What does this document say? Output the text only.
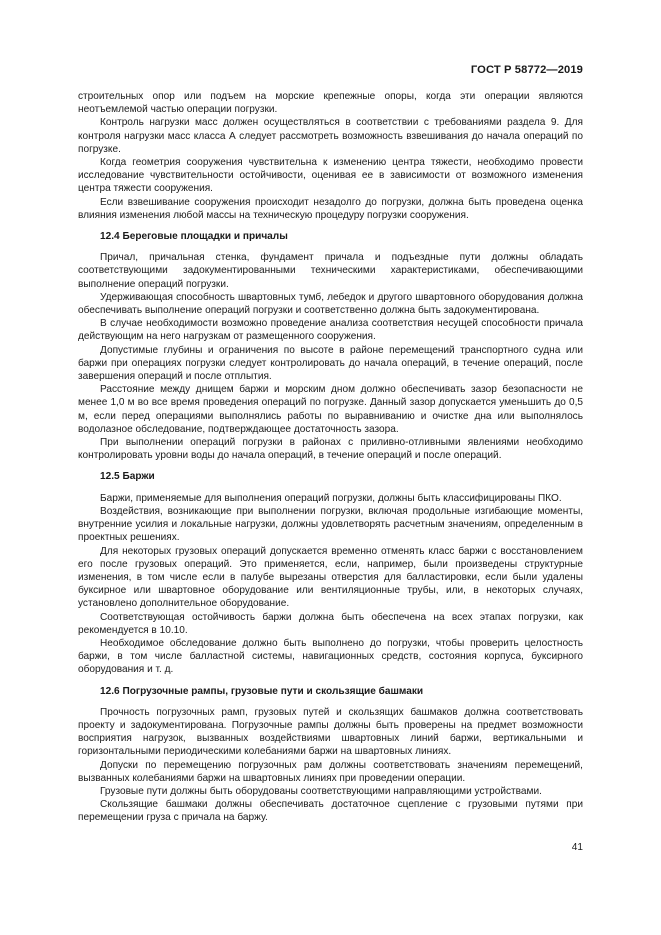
ГОСТ Р 58772—2019

строительных опор или подъем на морские крепежные опоры, когда эти операции являются неотъемлемой частью операции погрузки.

Контроль нагрузки масс должен осуществляться в соответствии с требованиями раздела 9. Для контроля нагрузки масс класса А следует рассмотреть возможность взвешивания до начала операций по погрузке.

Когда геометрия сооружения чувствительна к изменению центра тяжести, необходимо провести исследование чувствительности остойчивости, оценивая ее в зависимости от возможного изменения центра тяжести сооружения.

Если взвешивание сооружения происходит незадолго до погрузки, должна быть проведена оценка влияния изменения любой массы на техническую процедуру погрузки сооружения.

12.4 Береговые площадки и причалы

Причал, причальная стенка, фундамент причала и подъездные пути должны обладать соответствующими задокументированными техническими характеристиками, обеспечивающими выполнение операций погрузки.

Удерживающая способность швартовных тумб, лебедок и другого швартовного оборудования должна обеспечивать выполнение операций погрузки и соответственно должна быть задокументирована.

В случае необходимости возможно проведение анализа соответствия несущей способности причала действующим на него нагрузкам от размещенного сооружения.

Допустимые глубины и ограничения по высоте в районе перемещений транспортного судна или баржи при операциях погрузки следует контролировать до начала операций, в течение операций, после завершения операций и после отплытия.

Расстояние между днищем баржи и морским дном должно обеспечивать зазор безопасности не менее 1,0 м во все время проведения операций по погрузке. Данный зазор допускается уменьшить до 0,5 м, если перед операциями выполнялись работы по выравниванию и очистке дна или выполнялось водолазное обследование, подтверждающее достаточность зазора.

При выполнении операций погрузки в районах с приливно-отливными явлениями необходимо контролировать уровни воды до начала операций, в течение операций и после операций.

12.5 Баржи

Баржи, применяемые для выполнения операций погрузки, должны быть классифицированы ПКО.

Воздействия, возникающие при выполнении погрузки, включая продольные изгибающие моменты, внутренние усилия и локальные нагрузки, должны удовлетворять расчетным значениям, определенным в проектных решениях.

Для некоторых грузовых операций допускается временно отменять класс баржи с восстановлением его после грузовых операций. Это применяется, если, например, были произведены структурные изменения, в том числе если в палубе вырезаны отверстия для балластировки, если были удалены буксирное или швартовное оборудование или вентиляционные трубы, или, в некоторых случаях, установлено дополнительное оборудование.

Соответствующая остойчивость баржи должна быть обеспечена на всех этапах погрузки, как рекомендуется в 10.10.

Необходимое обследование должно быть выполнено до погрузки, чтобы проверить целостность баржи, в том числе балластной системы, навигационных средств, состояния корпуса, буксирного оборудования и т. д.

12.6 Погрузочные рампы, грузовые пути и скользящие башмаки

Прочность погрузочных рамп, грузовых путей и скользящих башмаков должна соответствовать проекту и задокументирована. Погрузочные рампы должны быть проверены на предмет возможности восприятия нагрузок, вызванных воздействиями швартовных линий баржи, вертикальными и горизонтальными периодическими колебаниями баржи на швартовных линиях.

Допуски по перемещению погрузочных рам должны соответствовать значениям перемещений, вызванных колебаниями баржи на швартовных линиях при проведении операции.

Грузовые пути должны быть оборудованы соответствующими направляющими устройствами.

Скользящие башмаки должны обеспечивать достаточное сцепление с грузовыми путями при перемещении груза с причала на баржу.

41
